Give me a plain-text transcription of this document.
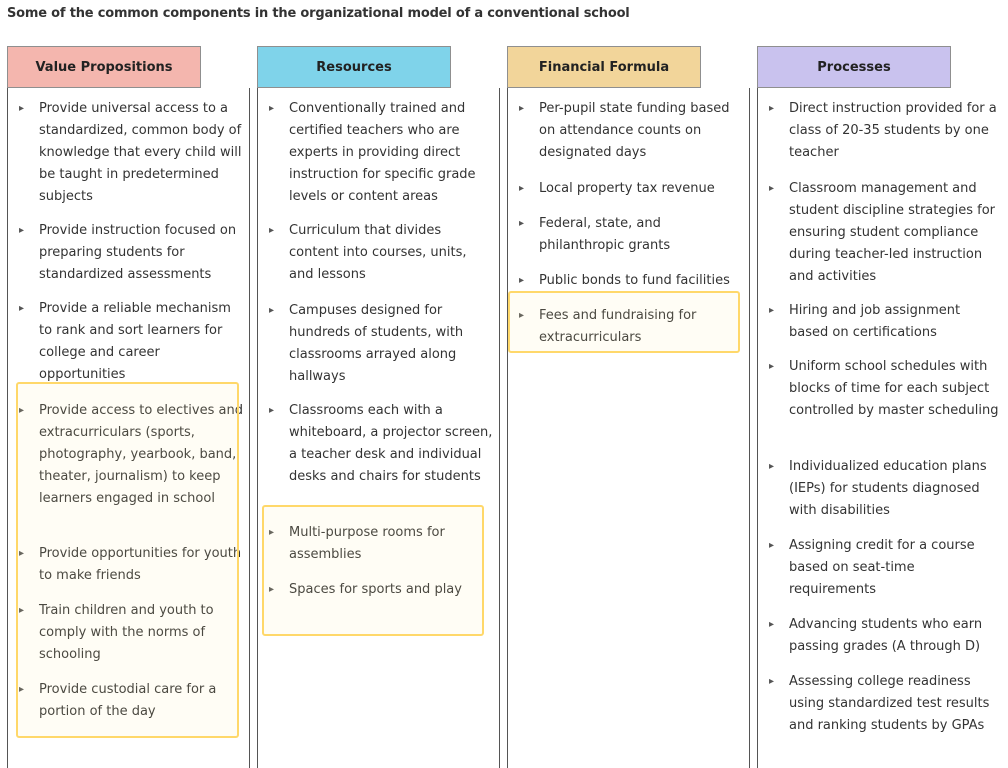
Some of the common components in the organizational model of a conventional school
Value Propositions
▸ Provide universal access to a standardized, common body of knowledge that every child will be taught in predetermined subjects
▸ Provide instruction focused on preparing students for standardized assessments
▸ Provide a reliable mechanism to rank and sort learners for college and career opportunities
▸ Provide access to electives and extracurriculars (sports, photography, yearbook, band, theater, journalism) to keep learners engaged in school
▸ Provide opportunities for youth to make friends
▸ Train children and youth to comply with the norms of schooling
▸ Provide custodial care for a portion of the day
Resources
▸ Conventionally trained and certified teachers who are experts in providing direct instruction for specific grade levels or content areas
▸ Curriculum that divides content into courses, units, and lessons
▸ Campuses designed for hundreds of students, with classrooms arrayed along hallways
▸ Classrooms each with a whiteboard, a projector screen, a teacher desk and individual desks and chairs for students
▸ Multi-purpose rooms for assemblies
▸ Spaces for sports and play
Financial Formula
▸ Per-pupil state funding based on attendance counts on designated days
▸ Local property tax revenue
▸ Federal, state, and philanthropic grants
▸ Public bonds to fund facilities
▸ Fees and fundraising for extracurriculars
Processes
▸ Direct instruction provided for a class of 20-35 students by one teacher
▸ Classroom management and student discipline strategies for ensuring student compliance during teacher-led instruction and activities
▸ Hiring and job assignment based on certifications
▸ Uniform school schedules with blocks of time for each subject controlled by master scheduling
▸ Individualized education plans (IEPs) for students diagnosed with disabilities
▸ Assigning credit for a course based on seat-time requirements
▸ Advancing students who earn passing grades (A through D)
▸ Assessing college readiness using standardized test results and ranking students by GPAs
